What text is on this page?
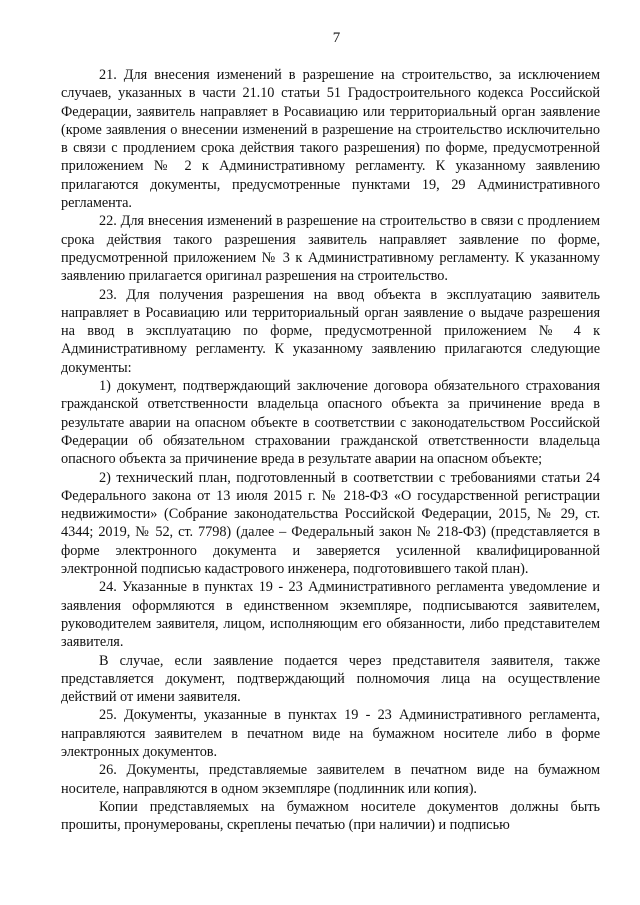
7

21. Для внесения изменений в разрешение на строительство, за исключением случаев, указанных в части 21.10 статьи 51 Градостроительного кодекса Российской Федерации, заявитель направляет в Росавиацию или территориальный орган заявление (кроме заявления о внесении изменений в разрешение на строительство исключительно в связи с продлением срока действия такого разрешения) по форме, предусмотренной приложением № 2 к Административному регламенту. К указанному заявлению прилагаются документы, предусмотренные пунктами 19, 29 Административного регламента.

22. Для внесения изменений в разрешение на строительство в связи с продлением срока действия такого разрешения заявитель направляет заявление по форме, предусмотренной приложением № 3 к Административному регламенту. К указанному заявлению прилагается оригинал разрешения на строительство.

23. Для получения разрешения на ввод объекта в эксплуатацию заявитель направляет в Росавиацию или территориальный орган заявление о выдаче разрешения на ввод в эксплуатацию по форме, предусмотренной приложением № 4 к Административному регламенту. К указанному заявлению прилагаются следующие документы:

1) документ, подтверждающий заключение договора обязательного страхования гражданской ответственности владельца опасного объекта за причинение вреда в результате аварии на опасном объекте в соответствии с законодательством Российской Федерации об обязательном страховании гражданской ответственности владельца опасного объекта за причинение вреда в результате аварии на опасном объекте;

2) технический план, подготовленный в соответствии с требованиями статьи 24 Федерального закона от 13 июля 2015 г. № 218-ФЗ «О государственной регистрации недвижимости» (Собрание законодательства Российской Федерации, 2015, № 29, ст. 4344; 2019, № 52, ст. 7798) (далее – Федеральный закон № 218-ФЗ) (представляется в форме электронного документа и заверяется усиленной квалифицированной электронной подписью кадастрового инженера, подготовившего такой план).

24. Указанные в пунктах 19 - 23 Административного регламента уведомление и заявления оформляются в единственном экземпляре, подписываются заявителем, руководителем заявителя, лицом, исполняющим его обязанности, либо представителем заявителя.

В случае, если заявление подается через представителя заявителя, также представляется документ, подтверждающий полномочия лица на осуществление действий от имени заявителя.

25. Документы, указанные в пунктах 19 - 23 Административного регламента, направляются заявителем в печатном виде на бумажном носителе либо в форме электронных документов.

26. Документы, представляемые заявителем в печатном виде на бумажном носителе, направляются в одном экземпляре (подлинник или копия).

Копии представляемых на бумажном носителе документов должны быть прошиты, пронумерованы, скреплены печатью (при наличии) и подписью
